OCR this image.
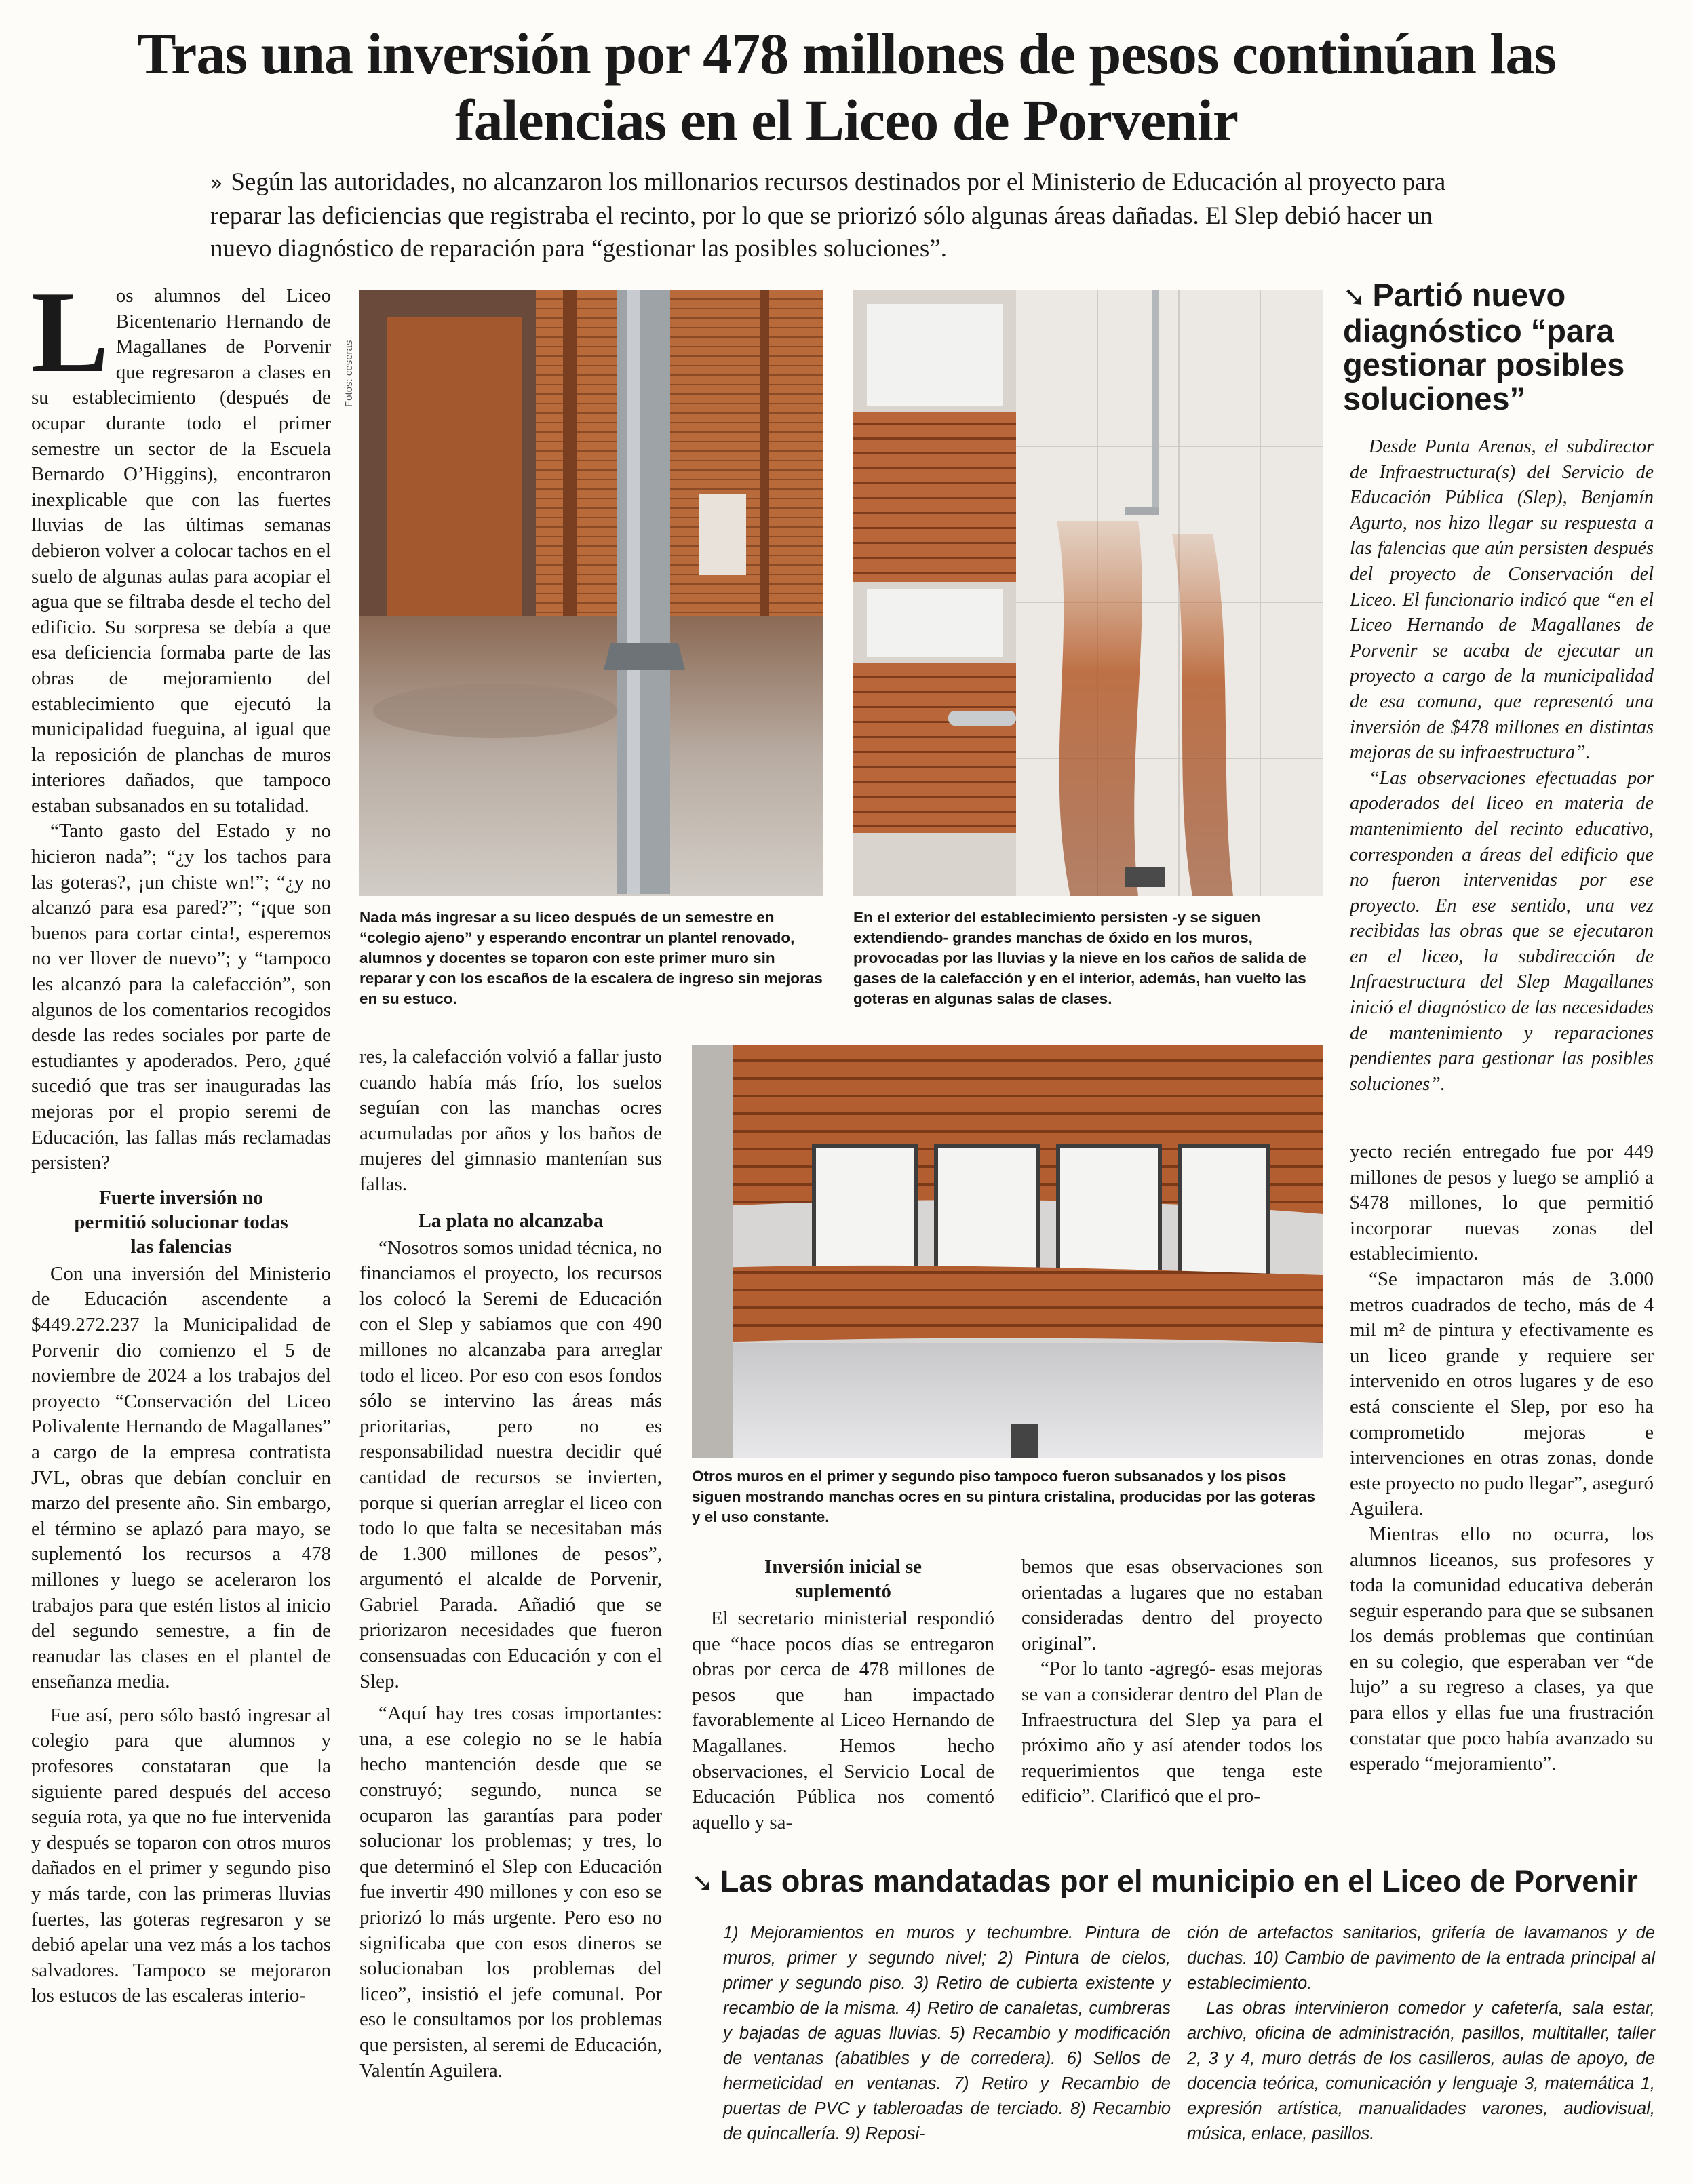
Tras una inversión por 478 millones de pesos continúan las falencias en el Liceo de Porvenir

» Según las autoridades, no alcanzaron los millonarios recursos destinados por el Ministerio de Educación al proyecto para reparar las deficiencias que registraba el recinto, por lo que se priorizó sólo algunas áreas dañadas. El Slep debió hacer un nuevo diagnóstico de reparación para “gestionar las posibles soluciones”.

Los alumnos del Liceo Bicentenario Hernando de Magallanes de Porvenir que regresaron a clases en su establecimiento (después de ocupar durante todo el primer semestre un sector de la Escuela Bernardo O’Higgins), encontraron inexplicable que con las fuertes lluvias de las últimas semanas debieron volver a colocar tachos en el suelo de algunas aulas para acopiar el agua que se filtraba desde el techo del edificio. Su sorpresa se debía a que esa deficiencia formaba parte de las obras de mejoramiento del establecimiento que ejecutó la municipalidad fueguina, al igual que la reposición de planchas de muros interiores dañados, que tampoco estaban subsanados en su totalidad.

“Tanto gasto del Estado y no hicieron nada”; “¿y los tachos para las goteras?, ¡un chiste wn!”; “¿y no alcanzó para esa pared?”; “¡que son buenos para cortar cinta!, esperemos no ver llover de nuevo”; y “tampoco les alcanzó para la calefacción”, son algunos de los comentarios recogidos desde las redes sociales por parte de estudiantes y apoderados. Pero, ¿qué sucedió que tras ser inauguradas las mejoras por el propio seremi de Educación, las fallas más reclamadas persisten?

Fuerte inversión no permitió solucionar todas las falencias

Con una inversión del Ministerio de Educación ascendente a $449.272.237 la Municipalidad de Porvenir dio comienzo el 5 de noviembre de 2024 a los trabajos del proyecto “Conservación del Liceo Polivalente Hernando de Magallanes” a cargo de la empresa contratista JVL, obras que debían concluir en marzo del presente año. Sin embargo, el término se aplazó para mayo, se suplementó los recursos a 478 millones y luego se aceleraron los trabajos para que estén listos al inicio del segundo semestre, a fin de reanudar las clases en el plantel de enseñanza media.

Fue así, pero sólo bastó ingresar al colegio para que alumnos y profesores constataran que la siguiente pared después del acceso seguía rota, ya que no fue intervenida y después se toparon con otros muros dañados en el primer y segundo piso y más tarde, con las primeras lluvias fuertes, las goteras regresaron y se debió apelar una vez más a los tachos salvadores. Tampoco se mejoraron los estucos de las escaleras interio-

Fotos: ceseras

Nada más ingresar a su liceo después de un semestre en “colegio ajeno” y esperando encontrar un plantel renovado, alumnos y docentes se toparon con este primer muro sin reparar y con los escaños de la escalera de ingreso sin mejoras en su estuco.

En el exterior del establecimiento persisten -y se siguen extendiendo- grandes manchas de óxido en los muros, provocadas por las lluvias y la nieve en los caños de salida de gases de la calefacción y en el interior, además, han vuelto las goteras en algunas salas de clases.

res, la calefacción volvió a fallar justo cuando había más frío, los suelos seguían con las manchas ocres acumuladas por años y los baños de mujeres del gimnasio mantenían sus fallas.

La plata no alcanzaba

“Nosotros somos unidad técnica, no financiamos el proyecto, los recursos los colocó la Seremi de Educación con el Slep y sabíamos que con 490 millones no alcanzaba para arreglar todo el liceo. Por eso con esos fondos sólo se intervino las áreas más prioritarias, pero no es responsabilidad nuestra decidir qué cantidad de recursos se invierten, porque si querían arreglar el liceo con todo lo que falta se necesitaban más de 1.300 millones de pesos”, argumentó el alcalde de Porvenir, Gabriel Parada. Añadió que se priorizaron necesidades que fueron consensuadas con Educación y con el Slep.

“Aquí hay tres cosas importantes: una, a ese colegio no se le había hecho mantención desde que se construyó; segundo, nunca se ocuparon las garantías para poder solucionar los problemas; y tres, lo que determinó el Slep con Educación fue invertir 490 millones y con eso se priorizó lo más urgente. Pero eso no significaba que con esos dineros se solucionaban los problemas del liceo”, insistió el jefe comunal. Por eso le consultamos por los problemas que persisten, al seremi de Educación, Valentín Aguilera.

Otros muros en el primer y segundo piso tampoco fueron subsanados y los pisos siguen mostrando manchas ocres en su pintura cristalina, producidas por las goteras y el uso constante.

Inversión inicial se suplementó

El secretario ministerial respondió que “hace pocos días se entregaron obras por cerca de 478 millones de pesos que han impactado favorablemente al Liceo Hernando de Magallanes. Hemos hecho observaciones, el Servicio Local de Educación Pública nos comentó aquello y sa-

bemos que esas observaciones son orientadas a lugares que no estaban consideradas dentro del proyecto original”.

“Por lo tanto -agregó- esas mejoras se van a considerar dentro del Plan de Infraestructura del Slep ya para el próximo año y así atender todos los requerimientos que tenga este edificio”. Clarificó que el pro-

➘ Partió nuevo diagnóstico “para gestionar posibles soluciones”

Desde Punta Arenas, el subdirector de Infraestructura(s) del Servicio de Educación Pública (Slep), Benjamín Agurto, nos hizo llegar su respuesta a las falencias que aún persisten después del proyecto de Conservación del Liceo. El funcionario indicó que “en el Liceo Hernando de Magallanes de Porvenir se acaba de ejecutar un proyecto a cargo de la municipalidad de esa comuna, que representó una inversión de $478 millones en distintas mejoras de su infraestructura”.

“Las observaciones efectuadas por apoderados del liceo en materia de mantenimiento del recinto educativo, corresponden a áreas del edificio que no fueron intervenidas por ese proyecto. En ese sentido, una vez recibidas las obras que se ejecutaron en el liceo, la subdirección de Infraestructura del Slep Magallanes inició el diagnóstico de las necesidades de mantenimiento y reparaciones pendientes para gestionar las posibles soluciones”.

yecto recién entregado fue por 449 millones de pesos y luego se amplió a $478 millones, lo que permitió incorporar nuevas zonas del establecimiento.

“Se impactaron más de 3.000 metros cuadrados de techo, más de 4 mil m² de pintura y efectivamente es un liceo grande y requiere ser intervenido en otros lugares y de eso está consciente el Slep, por eso ha comprometido mejoras e intervenciones en otras zonas, donde este proyecto no pudo llegar”, aseguró Aguilera.

Mientras ello no ocurra, los alumnos liceanos, sus profesores y toda la comunidad educativa deberán seguir esperando para que se subsanen los demás problemas que continúan en su colegio, que esperaban ver “de lujo” a su regreso a clases, ya que para ellos y ellas fue una frustración constatar que poco había avanzado su esperado “mejoramiento”.

➘ Las obras mandatadas por el municipio en el Liceo de Porvenir

1) Mejoramientos en muros y techumbre. Pintura de muros, primer y segundo nivel; 2) Pintura de cielos, primer y segundo piso. 3) Retiro de cubierta existente y recambio de la misma. 4) Retiro de canaletas, cumbreras y bajadas de aguas lluvias. 5) Recambio y modificación de ventanas (abatibles y de corredera). 6) Sellos de hermeticidad en ventanas. 7) Retiro y Recambio de puertas de PVC y tableroadas de terciado. 8) Recambio de quincallería. 9) Reposi-

ción de artefactos sanitarios, grifería de lavamanos y de duchas. 10) Cambio de pavimento de la entrada principal al establecimiento.

Las obras intervinieron comedor y cafetería, sala estar, archivo, oficina de administración, pasillos, multitaller, taller 2, 3 y 4, muro detrás de los casilleros, aulas de apoyo, de docencia teórica, comunicación y lenguaje 3, matemática 1, expresión artística, manualidades varones, audiovisual, música, enlace, pasillos.
